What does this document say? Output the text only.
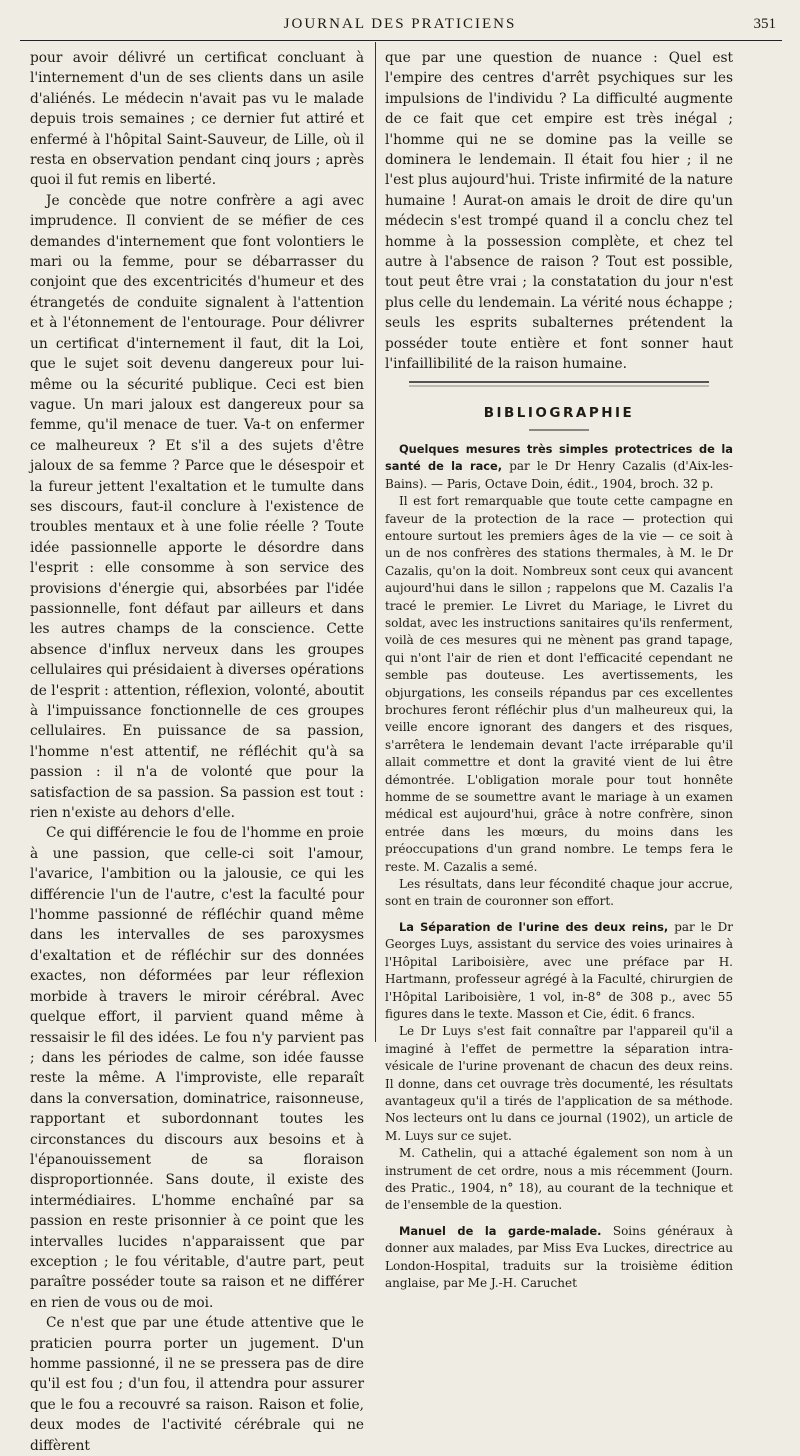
JOURNAL DES PRATICIENS	351

pour avoir délivré un certificat concluant à l'internement d'un de ses clients dans un asile d'aliénés. Le médecin n'avait pas vu le malade depuis trois semaines ; ce dernier fut attiré et enfermé à l'hôpital Saint-Sauveur, de Lille, où il resta en observation pendant cinq jours ; après quoi il fut remis en liberté.

Je concède que notre confrère a agi avec imprudence. Il convient de se méfier de ces demandes d'internement que font volontiers le mari ou la femme, pour se débarrasser du conjoint que des excentricités d'humeur et des étrangetés de conduite signalent à l'attention et à l'étonnement de l'entourage. Pour délivrer un certificat d'internement il faut, dit la Loi, que le sujet soit devenu dangereux pour lui-même ou la sécurité publique. Ceci est bien vague. Un mari jaloux est dangereux pour sa femme, qu'il menace de tuer. Va-t on enfermer ce malheureux ? Et s'il a des sujets d'être jaloux de sa femme ? Parce que le désespoir et la fureur jettent l'exaltation et le tumulte dans ses discours, faut-il conclure à l'existence de troubles mentaux et à une folie réelle ? Toute idée passionnelle apporte le désordre dans l'esprit : elle consomme à son service des provisions d'énergie qui, absorbées par l'idée passionnelle, font défaut par ailleurs et dans les autres champs de la conscience. Cette absence d'influx nerveux dans les groupes cellulaires qui présidaient à diverses opérations de l'esprit : attention, réflexion, volonté, aboutit à l'impuissance fonctionnelle de ces groupes cellulaires. En puissance de sa passion, l'homme n'est attentif, ne réfléchit qu'à sa passion : il n'a de volonté que pour la satisfaction de sa passion. Sa passion est tout : rien n'existe au dehors d'elle.

Ce qui différencie le fou de l'homme en proie à une passion, que celle-ci soit l'amour, l'avarice, l'ambition ou la jalousie, ce qui les différencie l'un de l'autre, c'est la faculté pour l'homme passionné de réfléchir quand même dans les intervalles de ses paroxysmes d'exaltation et de réfléchir sur des données exactes, non déformées par leur réflexion morbide à travers le miroir cérébral. Avec quelque effort, il parvient quand même à ressaisir le fil des idées. Le fou n'y parvient pas ; dans les périodes de calme, son idée fausse reste la même. A l'improviste, elle reparaît dans la conversation, dominatrice, raisonneuse, rapportant et subordonnant toutes les circonstances du discours aux besoins et à l'épanouissement de sa floraison disproportionnée. Sans doute, il existe des intermédiaires. L'homme enchaîné par sa passion en reste prisonnier à ce point que les intervalles lucides n'apparaissent que par exception ; le fou véritable, d'autre part, peut paraître posséder toute sa raison et ne différer en rien de vous ou de moi.

Ce n'est que par une étude attentive que le praticien pourra porter un jugement. D'un homme passionné, il ne se pressera pas de dire qu'il est fou ; d'un fou, il attendra pour assurer que le fou a recouvré sa raison. Raison et folie, deux modes de l'activité cérébrale qui ne diffèrent

que par une question de nuance : Quel est l'empire des centres d'arrêt psychiques sur les impulsions de l'individu ? La difficulté augmente de ce fait que cet empire est très inégal ; l'homme qui ne se domine pas la veille se dominera le lendemain. Il était fou hier ; il ne l'est plus aujourd'hui. Triste infirmité de la nature humaine ! Aurat-on amais le droit de dire qu'un médecin s'est trompé quand il a conclu chez tel homme à la possession complète, et chez tel autre à l'absence de raison ? Tout est possible, tout peut être vrai ; la constatation du jour n'est plus celle du lendemain. La vérité nous échappe ; seuls les esprits subalternes prétendent la posséder toute entière et font sonner haut l'infaillibilité de la raison humaine.

BIBLIOGRAPHIE

Quelques mesures très simples protectrices de la santé de la race, par le Dr Henry Cazalis (d'Aix-les-Bains). — Paris, Octave Doin, édit., 1904, broch. 32 p.

Il est fort remarquable que toute cette campagne en faveur de la protection de la race — protection qui entoure surtout les premiers âges de la vie — ce soit à un de nos confrères des stations thermales, à M. le Dr Cazalis, qu'on la doit. Nombreux sont ceux qui avancent aujourd'hui dans le sillon ; rappelons que M. Cazalis l'a tracé le premier. Le Livret du Mariage, le Livret du soldat, avec les instructions sanitaires qu'ils renferment, voilà de ces mesures qui ne mènent pas grand tapage, qui n'ont l'air de rien et dont l'efficacité cependant ne semble pas douteuse. Les avertissements, les objurgations, les conseils répandus par ces excellentes brochures feront réfléchir plus d'un malheureux qui, la veille encore ignorant des dangers et des risques, s'arrêtera le lendemain devant l'acte irréparable qu'il allait commettre et dont la gravité vient de lui être démontrée. L'obligation morale pour tout honnête homme de se soumettre avant le mariage à un examen médical est aujourd'hui, grâce à notre confrère, sinon entrée dans les mœurs, du moins dans les préoccupations d'un grand nombre. Le temps fera le reste. M. Cazalis a semé.

Les résultats, dans leur fécondité chaque jour accrue, sont en train de couronner son effort.

La Séparation de l'urine des deux reins, par le Dr Georges Luys, assistant du service des voies urinaires à l'Hôpital Lariboisière, avec une préface par H. Hartmann, professeur agrégé à la Faculté, chirurgien de l'Hôpital Lariboisière, 1 vol, in-8° de 308 p., avec 55 figures dans le texte. Masson et Cie, édit. 6 francs.

Le Dr Luys s'est fait connaître par l'appareil qu'il a imaginé à l'effet de permettre la séparation intra-vésicale de l'urine provenant de chacun des deux reins. Il donne, dans cet ouvrage très documenté, les résultats avantageux qu'il a tirés de l'application de sa méthode. Nos lecteurs ont lu dans ce journal (1902), un article de M. Luys sur ce sujet.

M. Cathelin, qui a attaché également son nom à un instrument de cet ordre, nous a mis récemment (Journ. des Pratic., 1904, n° 18), au courant de la technique et de l'ensemble de la question.

Manuel de la garde-malade. Soins généraux à donner aux malades, par Miss Eva Luckes, directrice au London-Hospital, traduits sur la troisième édition anglaise, par Me J.-H. Caruchet
